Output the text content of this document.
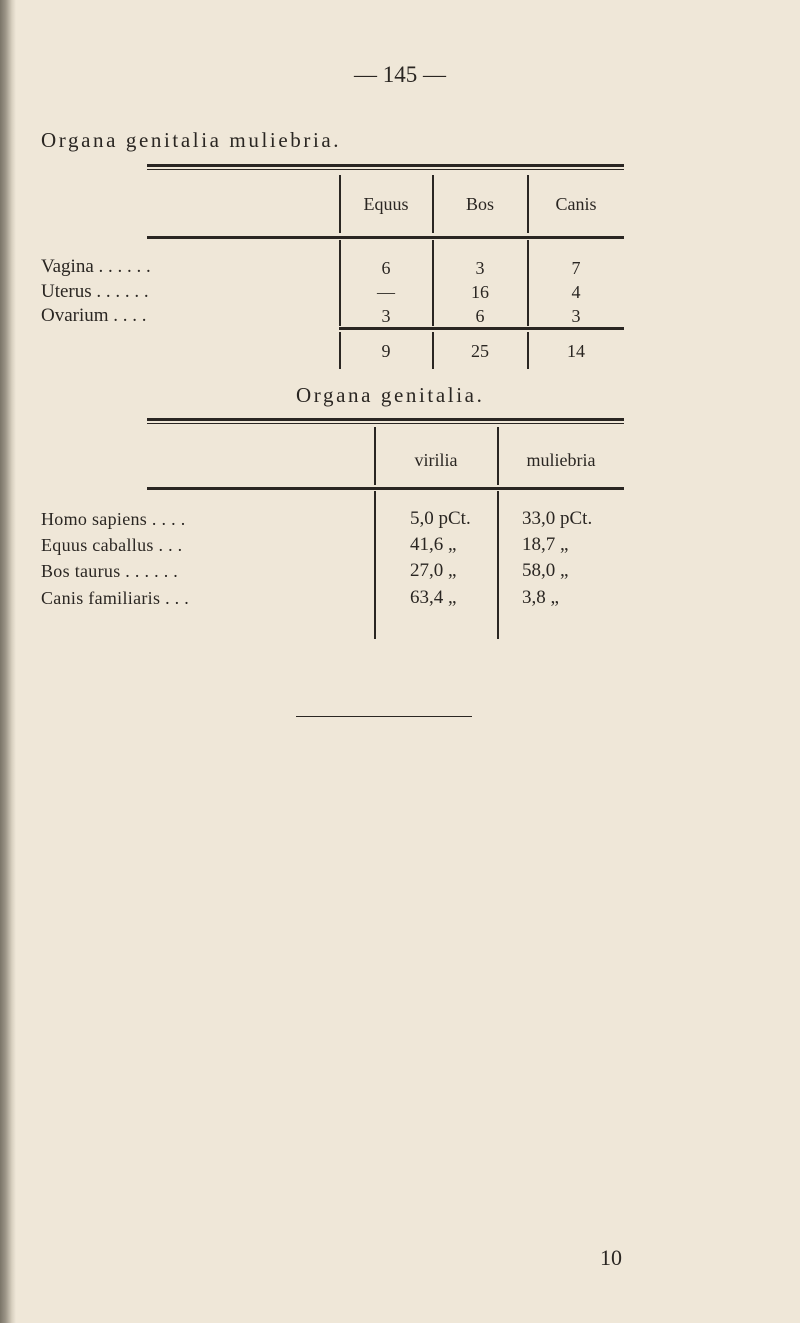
— 145 —
Organa genitalia muliebria.
Equus	Bos	Canis
Vagina . . . . . .	6	3	7
Uterus . . . . . .	—	16	4
Ovarium . . . .	3	6	3
9	25	14
Organa genitalia.
virilia	muliebria
Homo sapiens . . . .	5,0 pCt.	33,0 pCt.
Equus caballus . . .	41,6 „	18,7 „
Bos taurus . . . . . .	27,0 „	58,0 „
Canis familiaris . . .	63,4 „	3,8 „
10
